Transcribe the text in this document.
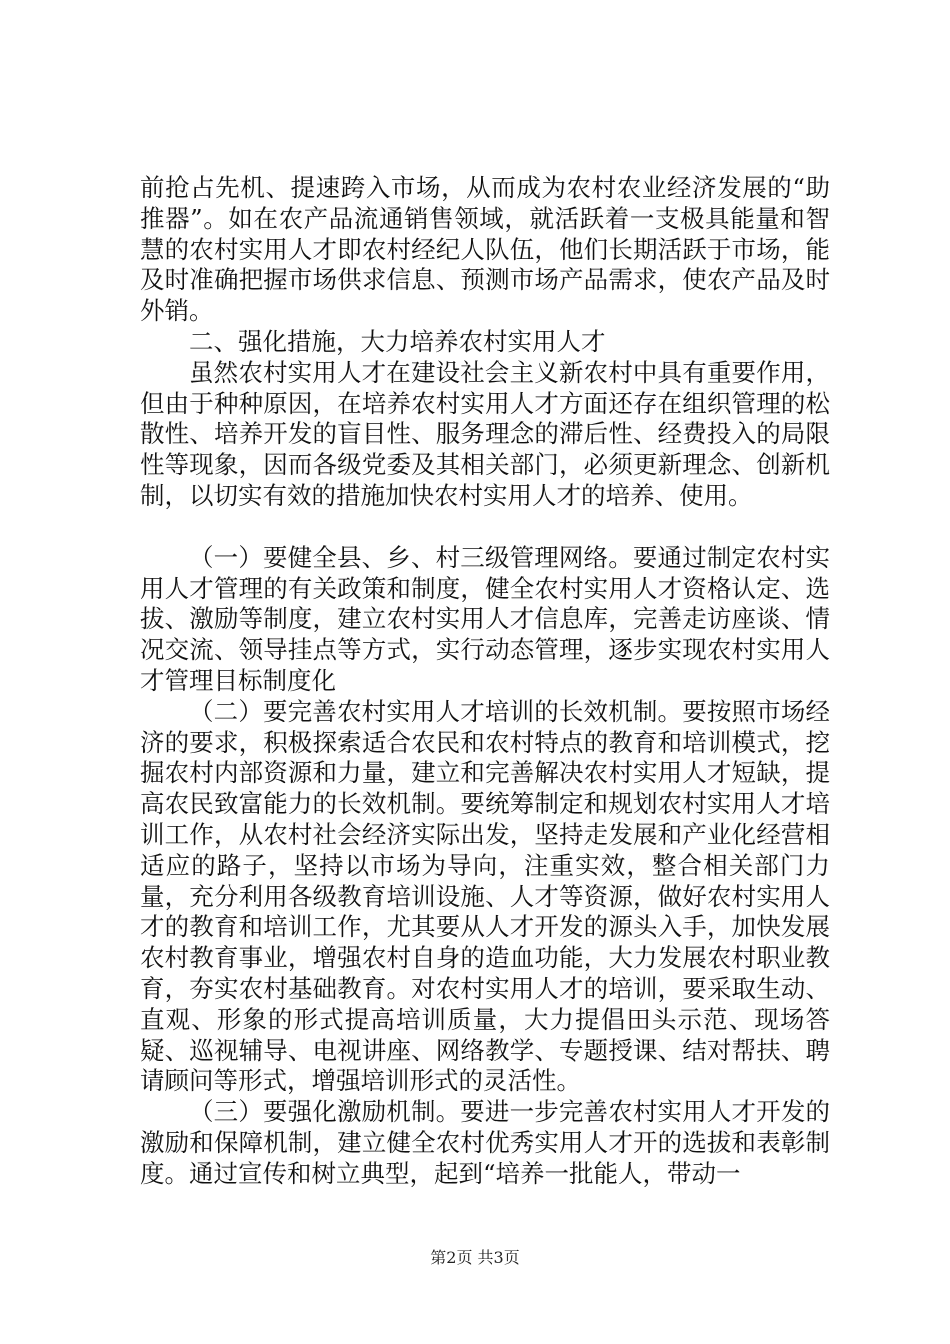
前抢占先机、提速跨入市场，从而成为农村农业经济发展的“助推器”。如在农产品流通销售领域，就活跃着一支极具能量和智慧的农村实用人才即农村经纪人队伍，他们长期活跃于市场，能及时准确把握市场供求信息、预测市场产品需求，使农产品及时外销。

二、强化措施，大力培养农村实用人才

虽然农村实用人才在建设社会主义新农村中具有重要作用，但由于种种原因，在培养农村实用人才方面还存在组织管理的松散性、培养开发的盲目性、服务理念的滞后性、经费投入的局限性等现象，因而各级党委及其相关部门，必须更新理念、创新机制，以切实有效的措施加快农村实用人才的培养、使用。

（一）要健全县、乡、村三级管理网络。要通过制定农村实用人才管理的有关政策和制度，健全农村实用人才资格认定、选拔、激励等制度，建立农村实用人才信息库，完善走访座谈、情况交流、领导挂点等方式，实行动态管理，逐步实现农村实用人才管理目标制度化

（二）要完善农村实用人才培训的长效机制。要按照市场经济的要求，积极探索适合农民和农村特点的教育和培训模式，挖掘农村内部资源和力量，建立和完善解决农村实用人才短缺，提高农民致富能力的长效机制。要统筹制定和规划农村实用人才培训工作，从农村社会经济实际出发，坚持走发展和产业化经营相适应的路子，坚持以市场为导向，注重实效，整合相关部门力量，充分利用各级教育培训设施、人才等资源，做好农村实用人才的教育和培训工作，尤其要从人才开发的源头入手，加快发展农村教育事业，增强农村自身的造血功能，大力发展农村职业教育，夯实农村基础教育。对农村实用人才的培训，要采取生动、直观、形象的形式提高培训质量，大力提倡田头示范、现场答疑、巡视辅导、电视讲座、网络教学、专题授课、结对帮扶、聘请顾问等形式，增强培训形式的灵活性。

（三）要强化激励机制。要进一步完善农村实用人才开发的激励和保障机制，建立健全农村优秀实用人才开的选拔和表彰制度。通过宣传和树立典型，起到“培养一批能人，带动一

第2页 共3页
